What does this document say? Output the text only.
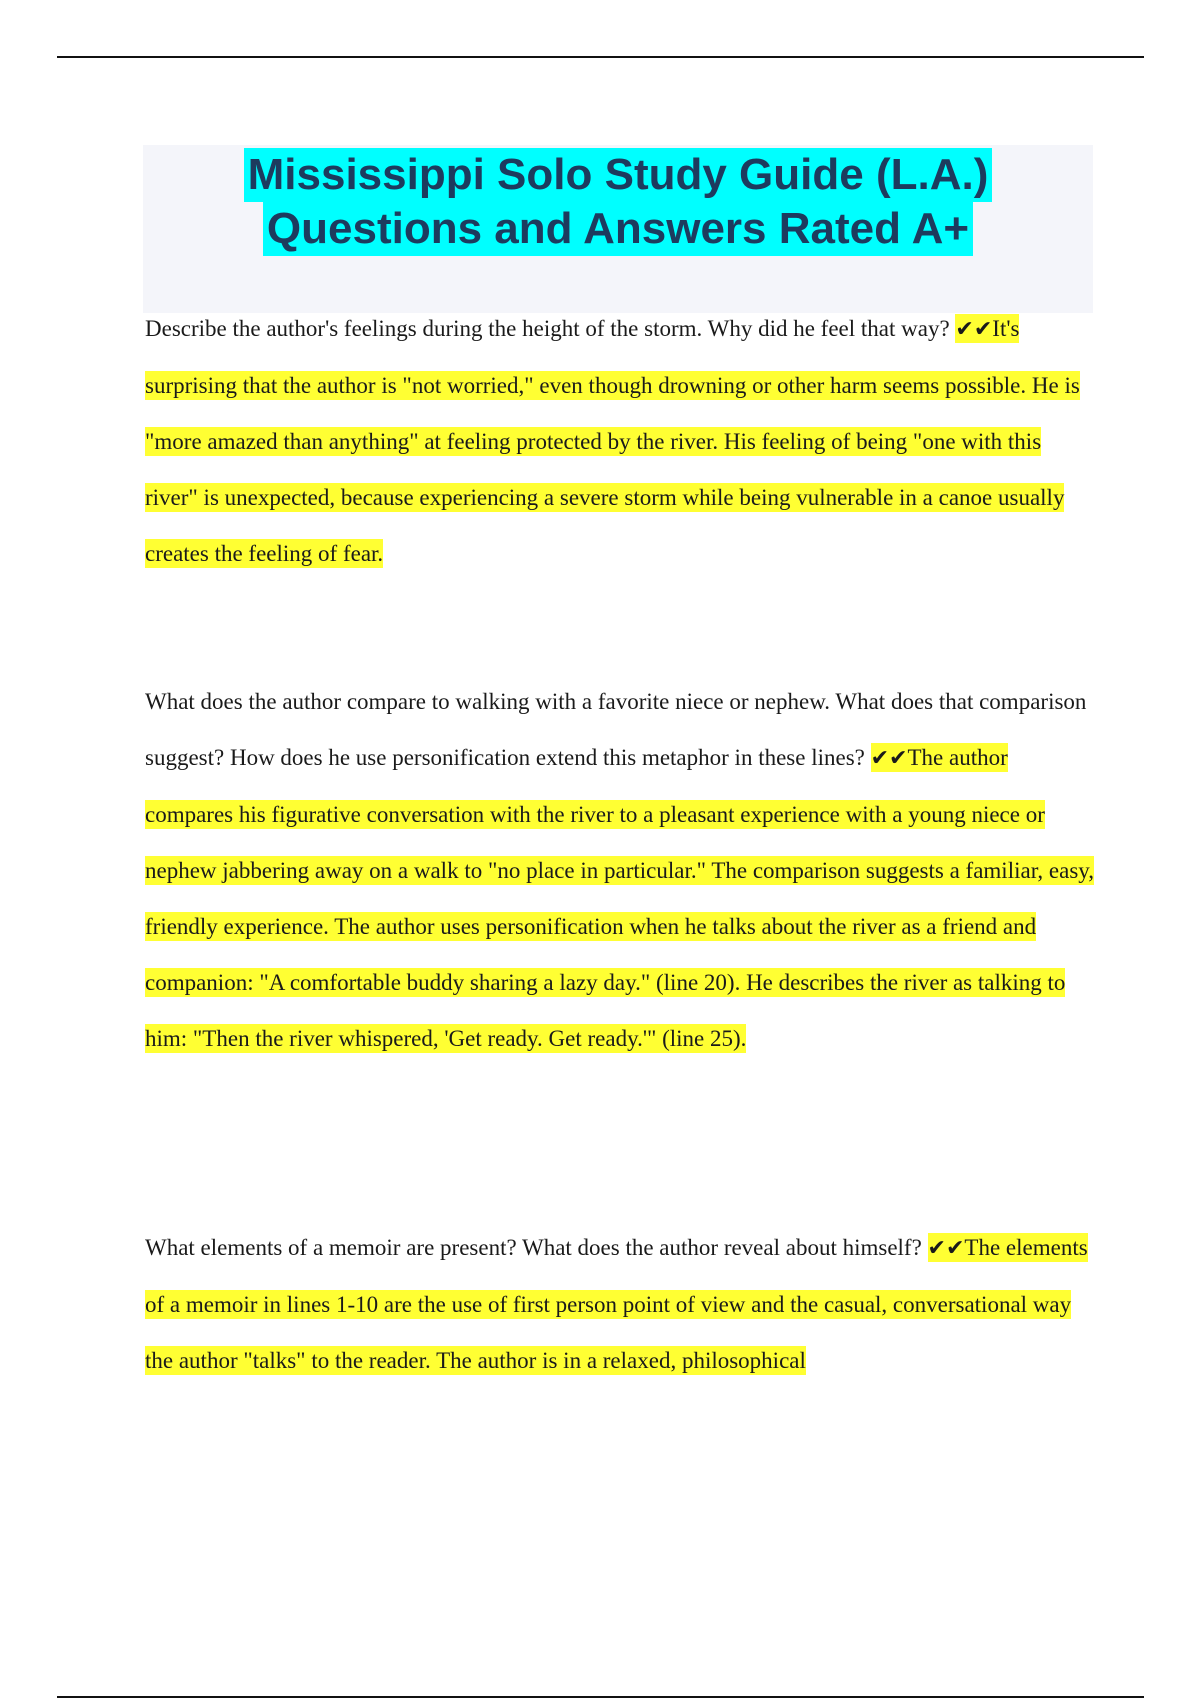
Mississippi Solo Study Guide (L.A.)
Questions and Answers Rated A+

Describe the author's feelings during the height of the storm. Why did he feel that way? ✔✔It's surprising that the author is "not worried," even though drowning or other harm seems possible. He is "more amazed than anything" at feeling protected by the river. His feeling of being "one with this river" is unexpected, because experiencing a severe storm while being vulnerable in a canoe usually creates the feeling of fear.

What does the author compare to walking with a favorite niece or nephew. What does that comparison suggest? How does he use personification extend this metaphor in these lines? ✔✔The author compares his figurative conversation with the river to a pleasant experience with a young niece or nephew jabbering away on a walk to "no place in particular." The comparison suggests a familiar, easy, friendly experience. The author uses personification when he talks about the river as a friend and companion: "A comfortable buddy sharing a lazy day." (line 20). He describes the river as talking to him: "Then the river whispered, 'Get ready. Get ready.'" (line 25).

What elements of a memoir are present? What does the author reveal about himself? ✔✔The elements of a memoir in lines 1-10 are the use of first person point of view and the casual, conversational way the author "talks" to the reader. The author is in a relaxed, philosophical
